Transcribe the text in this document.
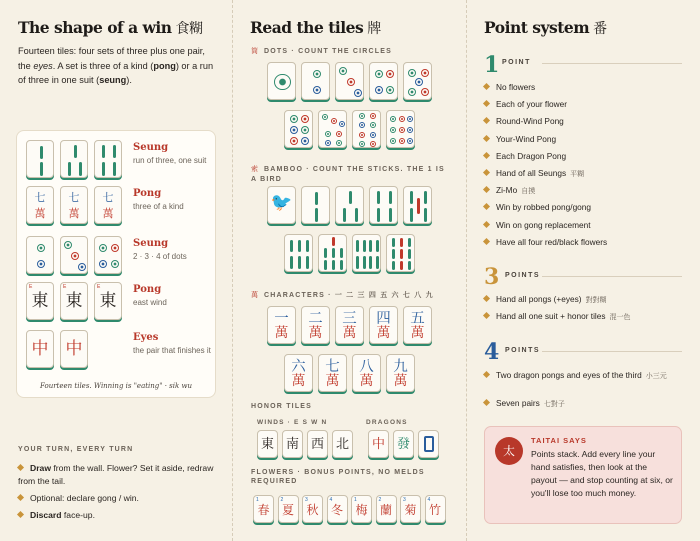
The shape of a win 食糊
Fourteen tiles: four sets of three plus one pair, the eyes. A set is three of a kind (pong) or a run of three in one suit (seung).
Fourteen tiles. Winning is "eating" · sik wu
YOUR TURN, EVERY TURN
Draw from the wall. Flower? Set it aside, redraw from the tail.
Optional: declare gong / win.
Discard face-up.
Read the tiles 牌
筒 DOTS · COUNT THE CIRCLES
索 BAMBOO · COUNT THE STICKS. THE 1 IS A BIRD
萬 CHARACTERS · 一 二 三 四 五 六 七 八 九
HONOR TILES
WINDS · E S W N	DRAGONS
FLOWERS · BONUS POINTS, NO MELDS REQUIRED
Point system 番
1 POINT
3 POINTS
4 POINTS
太
TAITAI SAYS
Points stack. Add every line your hand satisfies, then look at the payout — and stop counting at six, or you'll lose too much money.
七
萬
七
萬
七
萬
E
東
E
東
E
東
中 中
Seung
run of three, one suit
Pong
three of a kind
Seung
2 · 3 · 4 of dots
Pong
east wind
Eyes
the pair that finishes it
🐦
一
萬
二
萬
三
萬
四
萬
五
萬
六
萬
七
萬
八
萬
九
萬
東 南 西 北 中 發
1
春
2
夏
3
秋
4
冬
1
梅
2
蘭
3
菊
4
竹
No flowers
Each of your flower
Round-Wind Pong
Your-Wind Pong
Each Dragon Pong
Hand of all Seungs 平糊
Zi-Mo 自摸
Win by robbed pong/gong
Win on gong replacement
Have all four red/black flowers
Hand all pongs (+eyes) 對對糊
Hand all one suit + honor tiles 混一色
Two dragon pongs and eyes of the third 小三元
Seven pairs 七對子
